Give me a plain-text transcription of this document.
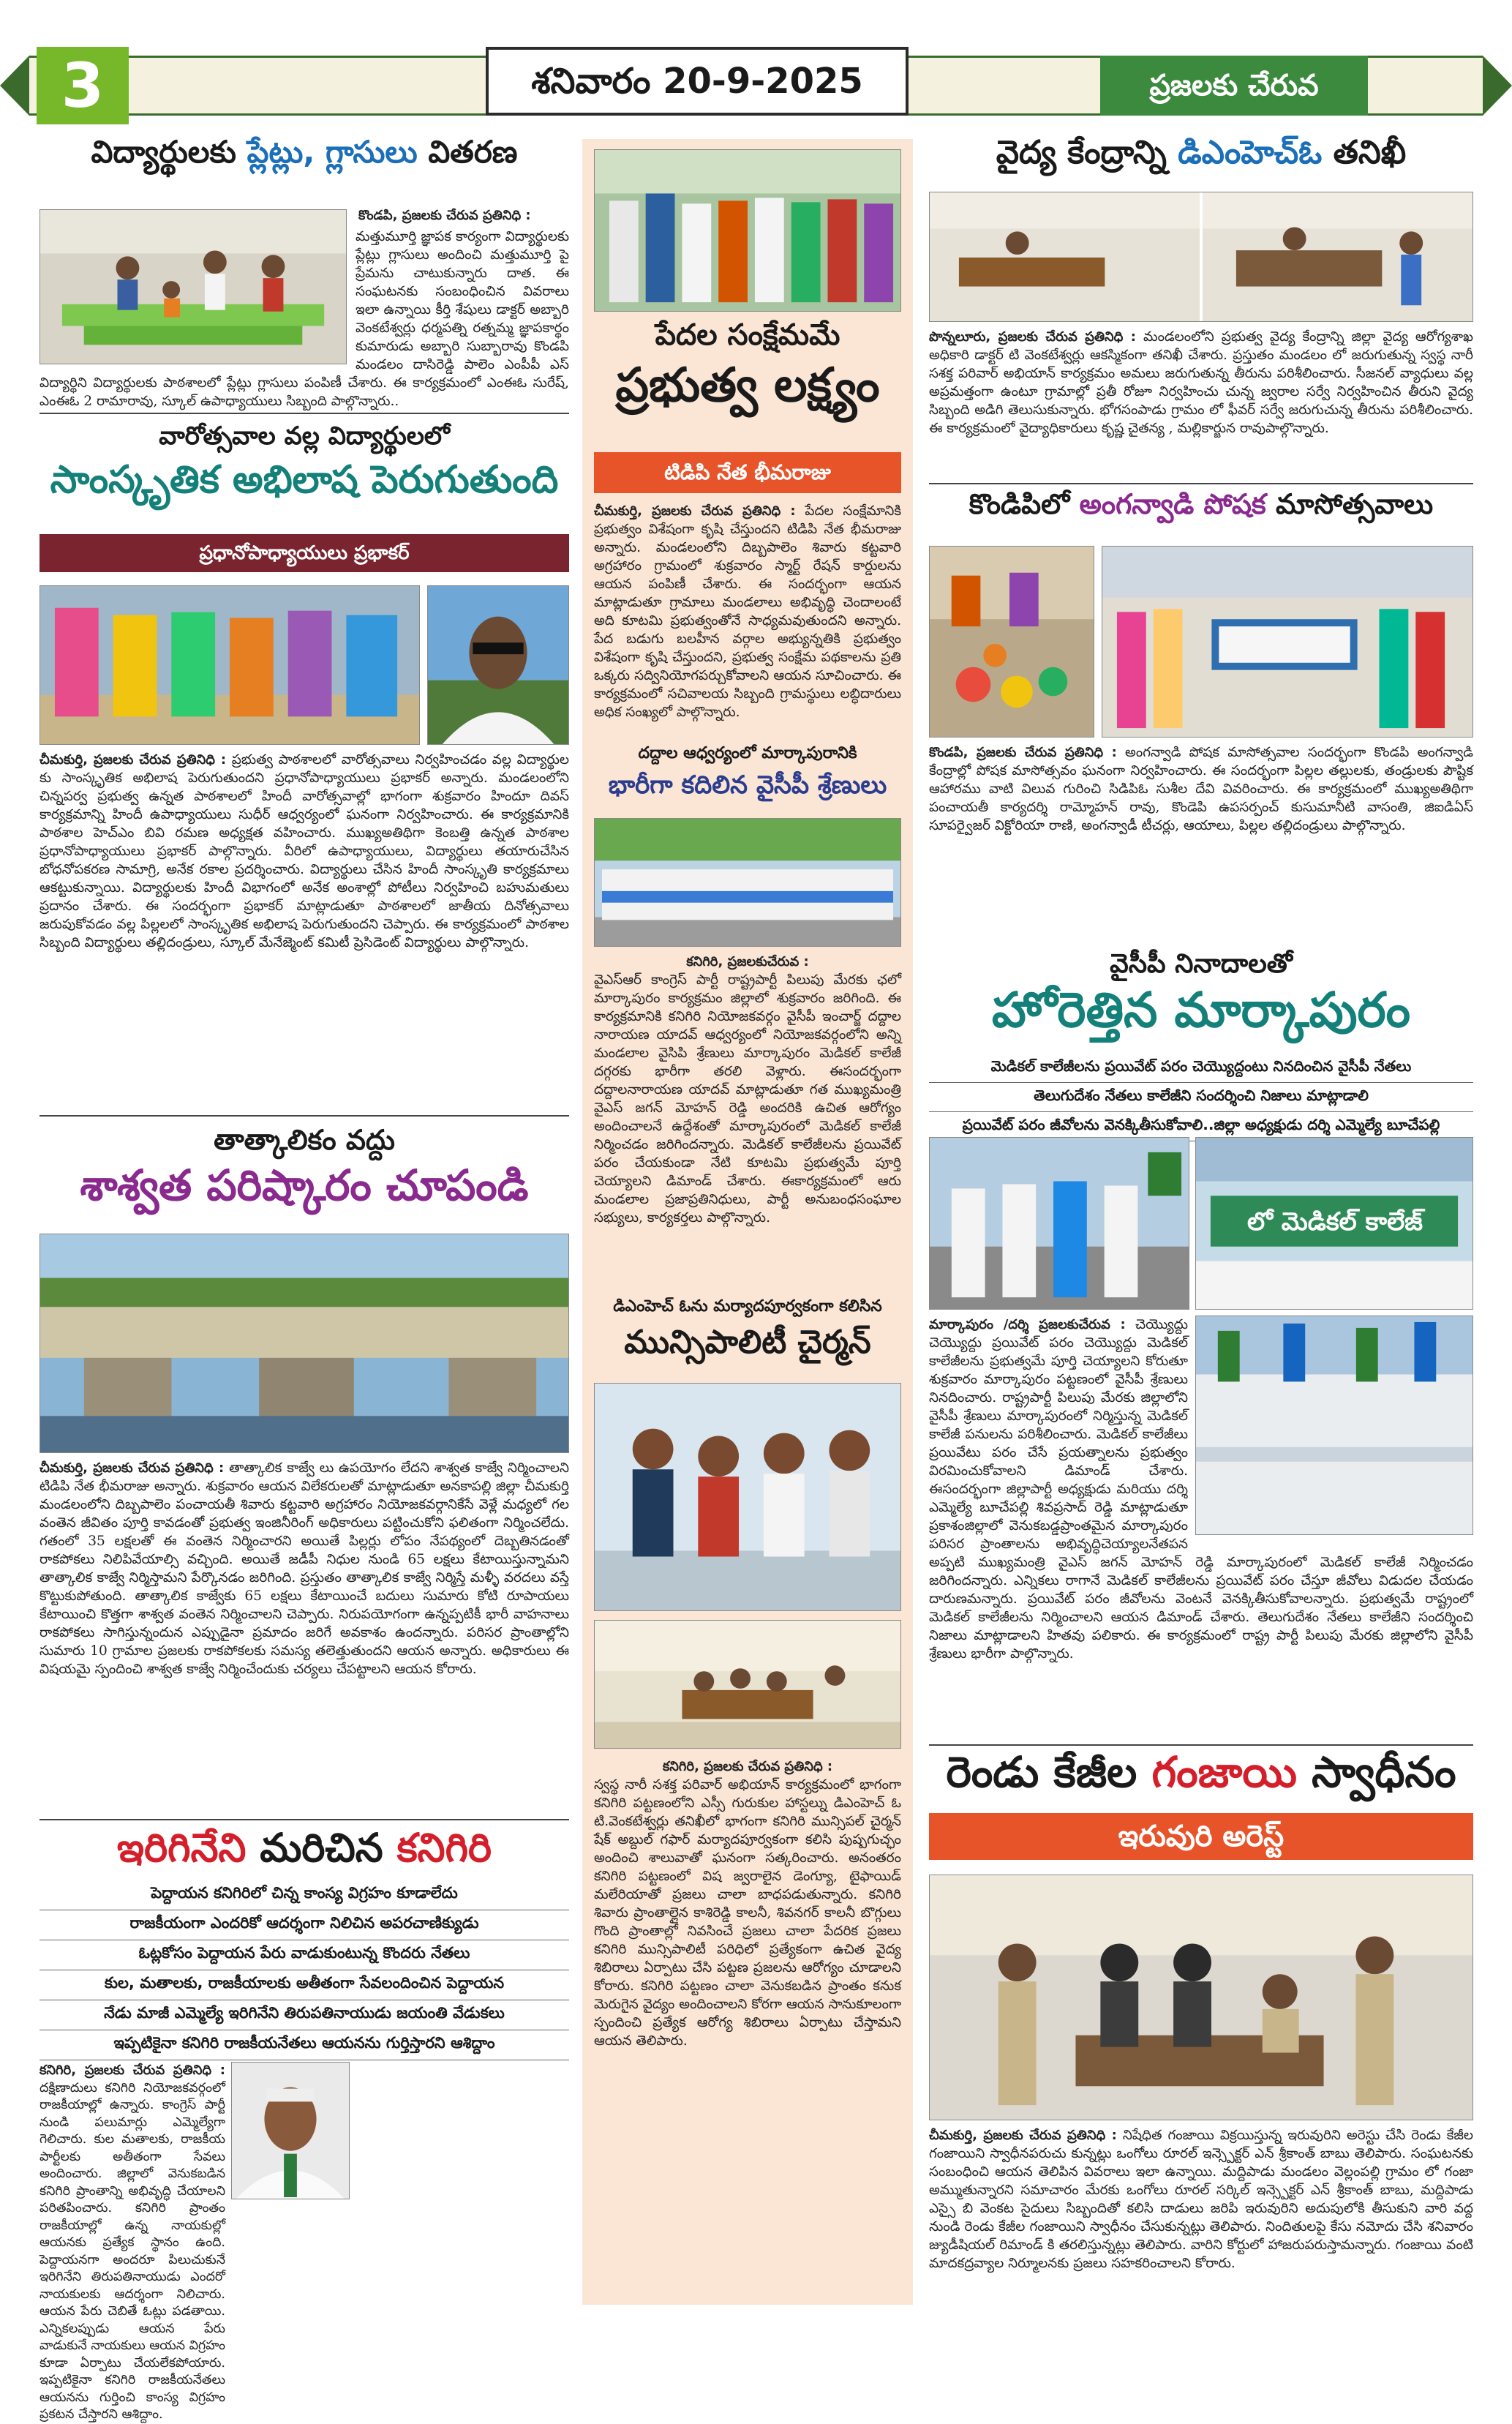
3	శనివారం 20-9-2025	ప్రజలకు చేరువ
విద్యార్థులకు ప్లేట్లు, గ్లాసులు వితరణ
కొండపి, ప్రజలకు చేరువ ప్రతినిధి :
మత్తుమూర్తి జ్ఞాపక కార్యంగా విద్యార్థులకు ప్లేట్లు గ్లాసులు అందించి మత్తుమూర్తి పై ప్రేమను చాటుకున్నారు దాత. ఈ సంఘటనకు సంబంధించిన వివరాలు ఇలా ఉన్నాయి కీర్తి శేషులు డాక్టర్ అబ్బారి వెంకటేశ్వర్లు ధర్మపత్ని రత్నమ్మ జ్ఞాపకార్థం కుమారుడు అబ్బారి సుబ్బారావు కొండపి మండలం దాసిరెడ్డి పాలెం ఎంపీపీ ఎస్ విద్యార్థిని విద్యార్థులకు పాఠశాలలో ప్లేట్లు గ్లాసులు పంపిణీ చేశారు. ఈ కార్యక్రమంలో ఎంఈఓ సురేష్, ఎంఈఓ 2 రామారావు, స్కూల్ ఉపాధ్యాయులు సిబ్బంది పాల్గొన్నారు..
వారోత్సవాల వల్ల విద్యార్థులలో
సాంస్కృతిక అభిలాష పెరుగుతుంది
ప్రధానోపాధ్యాయులు ప్రభాకర్
చీమకుర్తి, ప్రజలకు చేరువ ప్రతినిధి : ప్రభుత్వ పాఠశాలలో వారోత్సవాలు నిర్వహించడం వల్ల విద్యార్థుల కు సాంస్కృతిక అభిలాష పెరుగుతుందని ప్రధానోపాధ్యాయులు ప్రభాకర్ అన్నారు. మండలంలోని చిన్నపర్వ ప్రభుత్వ ఉన్నత పాఠశాలలో హిందీ వారోత్సవాల్లో భాగంగా శుక్రవారం హిందూ దివస్ కార్యక్రమాన్ని హిందీ ఉపాధ్యాయులు సుధీర్ ఆధ్వర్యంలో ఘనంగా నిర్వహించారు. ఈ కార్యక్రమానికి పాఠశాల హెచ్ఎం బివి రమణ అధ్యక్షత వహించారు. ముఖ్యఅతిథిగా కెంబత్తి ఉన్నత పాఠశాల ప్రధానోపాధ్యాయులు ప్రభాకర్ పాల్గొన్నారు. వీరిలో ఉపాధ్యాయులు, విద్యార్థులు తయారుచేసిన బోధనోపకరణ సామాగ్రి, అనేక రకాల ప్రదర్శించారు. విద్యార్థులు చేసిన హిందీ సాంస్కృతి కార్యక్రమాలు ఆకట్టుకున్నాయి. విద్యార్థులకు హిందీ విభాగంలో అనేక అంశాల్లో పోటీలు నిర్వహించి బహుమతులు ప్రదానం చేశారు. ఈ సందర్భంగా ప్రభాకర్ మాట్లాడుతూ పాఠశాలలో జాతీయ దినోత్సవాలు జరుపుకోవడం వల్ల పిల్లలలో సాంస్కృతిక అభిలాష పెరుగుతుందని చెప్పారు. ఈ కార్యక్రమంలో పాఠశాల సిబ్బంది విద్యార్థులు తల్లిదండ్రులు, స్కూల్ మేనేజ్మెంట్ కమిటీ ప్రెసిడెంట్ విద్యార్థులు పాల్గొన్నారు.
తాత్కాలికం వద్దు
శాశ్వత పరిష్కారం చూపండి
చీమకుర్తి, ప్రజలకు చేరువ ప్రతినిధి : తాత్కాలిక కాజ్వే లు ఉపయోగం లేదని శాశ్వత కాజ్వే నిర్మించాలని టిడిపి నేత భీమరాజు అన్నారు. శుక్రవారం ఆయన విలేకరులతో మాట్లాడుతూ అనకాపల్లి జిల్లా చీమకుర్తి మండలంలోని దిబ్బపాలెం పంచాయతీ శివారు కట్టవారి అగ్రహారం నియోజకవర్గానికేసే వెళ్లే మధ్యలో గల వంతెన జీవితం పూర్తి కావడంతో ప్రభుత్వ ఇంజినీరింగ్ అధికారులు పట్టించుకోని ఫలితంగా నిర్మించలేదు. గతంలో 35 లక్షలతో ఈ వంతెన నిర్మించారని అయితే పిల్లర్లు లోపం నేపథ్యంలో దెబ్బతినడంతో రాకపోకలు నిలిపివేయాల్సి వచ్చింది. అయితే జడీపీ నిధుల నుండి 65 లక్షలు కేటాయిస్తున్నామని తాత్కాలిక కాజ్వే నిర్మిస్తామని పేర్కొనడం జరిగింది. ప్రస్తుతం తాత్కాలిక కాజ్వే నిర్మిస్తే మళ్ళీ వరదలు వస్తే కొట్టుకుపోతుంది. తాత్కాలిక కాజ్వేకు 65 లక్షలు కేటాయించే బదులు సుమారు కోటి రూపాయలు కేటాయించి కొత్తగా శాశ్వత వంతెన నిర్మించాలని చెప్పారు. నిరుపయోగంగా ఉన్నప్పటికీ భారీ వాహనాలు రాకపోకలు సాగిస్తున్నందున ఎప్పుడైనా ప్రమాదం జరిగే అవకాశం ఉందన్నారు. పరిసర ప్రాంతాల్లోని సుమారు 10 గ్రామాల ప్రజలకు రాకపోకలకు సమస్య తలెత్తుతుందని ఆయన అన్నారు. అధికారులు ఈ విషయమై స్పందించి శాశ్వత కాజ్వే నిర్మించేందుకు చర్యలు చేపట్టాలని ఆయన కోరారు.
ఇరిగినేని మరిచిన కనిగిరి
పెద్దాయన కనిగిరిలో చిన్న కాంస్య విగ్రహం కూడాలేదు
రాజకీయంగా ఎందరికో ఆదర్శంగా నిలిచిన అపరచాణిక్యుడు
ఓట్లకోసం పెద్దాయన పేరు వాడుకుంటున్న కొందరు నేతలు
కుల, మతాలకు, రాజకీయాలకు అతీతంగా సేవలందించిన పెద్దాయన
నేడు మాజీ ఎమ్మెల్యే ఇరిగినేని తిరుపతినాయుడు జయంతి వేడుకలు
ఇప్పటికైనా కనిగిరి రాజకీయనేతలు ఆయనను గుర్తిస్తారని ఆశిద్దాం
కనిగిరి, ప్రజలకు చేరువ ప్రతినిధి : దక్షిణాదులు కనిగిరి నియోజకవర్గంలో రాజకీయాల్లో ఉన్నారు. కాంగ్రెస్ పార్టీ నుండి పలుమార్లు ఎమ్మెల్యేగా గెలిచారు. కుల మతాలకు, రాజకీయ పార్టీలకు అతీతంగా సేవలు అందించారు. జిల్లాలో వెనుకబడిన కనిగిరి ప్రాంతాన్ని అభివృద్ధి చేయాలని పరితపించారు. కనిగిరి ప్రాంతం రాజకీయాల్లో ఉన్న నాయకుల్లో ఆయనకు ప్రత్యేక స్థానం ఉంది. పెద్దాయనగా అందరూ పిలుచుకునే ఇరిగినేని తిరుపతినాయుడు ఎందరో నాయకులకు ఆదర్శంగా నిలిచారు. ఆయన పేరు చెబితే ఓట్లు పడతాయి. ఎన్నికలప్పుడు ఆయన పేరు వాడుకునే నాయకులు ఆయన విగ్రహం కూడా ఏర్పాటు చేయలేకపోయారు. ఇప్పటికైనా కనిగిరి రాజకీయనేతలు ఆయనను గుర్తించి కాంస్య విగ్రహం ప్రకటన చేస్తారని ఆశిద్దాం.
పేదల సంక్షేమమే
ప్రభుత్వ లక్ష్యం
టిడిపి నేత భీమరాజు
చీమకుర్తి, ప్రజలకు చేరువ ప్రతినిధి : పేదల సంక్షేమానికి ప్రభుత్వం విశేషంగా కృషి చేస్తుందని టిడిపి నేత భీమరాజు అన్నారు. మండలంలోని దిబ్బపాలెం శివారు కట్టవారి అగ్రహారం గ్రామంలో శుక్రవారం స్మార్ట్ రేషన్ కార్డులను ఆయన పంపిణీ చేశారు. ఈ సందర్భంగా ఆయన మాట్లాడుతూ గ్రామాలు మండలాలు అభివృద్ధి చెందాలంటే అది కూటమి ప్రభుత్వంతోనే సాధ్యమవుతుందని అన్నారు. పేద బడుగు బలహీన వర్గాల అభ్యున్నతికి ప్రభుత్వం విశేషంగా కృషి చేస్తుందని, ప్రభుత్వ సంక్షేమ పథకాలను ప్రతి ఒక్కరు సద్వినియోగపర్చుకోవాలని ఆయన సూచించారు. ఈ కార్యక్రమంలో సచివాలయ సిబ్బంది గ్రామస్థులు లబ్ధిదారులు అధిక సంఖ్యలో పాల్గొన్నారు.
దద్దాల ఆధ్వర్యంలో మార్కాపురానికి
భారీగా కదిలిన వైసీపీ శ్రేణులు
కనిగిరి, ప్రజలకుచేరువ :
వైఎస్ఆర్ కాంగ్రెస్ పార్టీ రాష్ట్రపార్టీ పిలుపు మేరకు ఛలో మార్కాపురం కార్యక్రమం జిల్లాలో శుక్రవారం జరిగింది. ఈ కార్యక్రమానికి కనిగిరి నియోజకవర్గం వైసీపీ ఇంచార్జ్ దద్దాల నారాయణ యాదవ్ ఆధ్వర్యంలో నియోజకవర్గంలోని అన్ని మండలాల వైసిపి శ్రేణులు మార్కాపురం మెడికల్ కాలేజీ దగ్గరకు భారీగా తరలి వెళ్లారు. ఈసందర్భంగా దద్దాలనారాయణ యాదవ్ మాట్లాడుతూ గత ముఖ్యమంత్రి వైఎస్ జగన్ మోహన్ రెడ్డి అందరికి ఉచిత ఆరోగ్యం అందించాలనే ఉద్దేశంతో మార్కాపురంలో మెడికల్ కాలేజీ నిర్మించడం జరిగిందన్నారు. మెడికల్ కాలేజీలను ప్రయివేట్ పరం చేయకుండా నేటి కూటమి ప్రభుత్వమే పూర్తి చెయ్యాలని డిమాండ్ చేశారు. ఈకార్యక్రమంలో ఆరు మండలాల ప్రజాప్రతినిధులు, పార్టీ అనుబంధసంఘాల సభ్యులు, కార్యకర్తలు పాల్గొన్నారు.
డిఎంహెచ్ ఓను మర్యాదపూర్వకంగా కలిసిన
మున్సిపాలిటీ చైర్మన్
కనిగిరి, ప్రజలకు చేరువ ప్రతినిధి :
స్వస్థ నారీ సశక్త పరివార్ అభియాన్ కార్యక్రమంలో భాగంగా కనిగిరి పట్టణంలోని ఎస్సీ గురుకుల హాస్టల్ను డిఎంహెచ్ ఓ టి.వెంకటేశ్వర్లు తనిఖీలో భాగంగా కనిగిరి మున్సిపల్ చైర్మన్ షేక్ అబ్దుల్ గఫార్ మర్యాదపూర్వకంగా కలిసి పుష్పగుచ్ఛం అందించి శాలువాతో ఘనంగా సత్కరించారు. అనంతరం కనిగిరి పట్టణంలో విష జ్వరాలైన డెంగ్యూ, టైఫాయిడ్ మలేరియాతో ప్రజలు చాలా బాధపడుతున్నారు. కనిగిరి శివారు ప్రాంతాల్లైన కాశిరెడ్డి కాలనీ, శివనగర్ కాలనీ బొగ్గులు గొంది ప్రాంతాల్లో నివసించే ప్రజలు చాలా పేదరిక ప్రజలు కనిగిరి మున్సిపాలిటీ పరిధిలో ప్రత్యేకంగా ఉచిత వైద్య శిబిరాలు ఏర్పాటు చేసి పట్టణ ప్రజలను ఆరోగ్యం చూడాలని కోరారు. కనిగిరి పట్టణం చాలా వెనుకబడిన ప్రాంతం కనుక మెరుగైన వైద్యం అందించాలని కోరగా ఆయన సానుకూలంగా స్పందించి ప్రత్యేక ఆరోగ్య శిబిరాలు ఏర్పాటు చేస్తామని ఆయన తెలిపారు.
వైద్య కేంద్రాన్ని డిఎంహెచ్ఓ తనిఖీ
పొన్నలూరు, ప్రజలకు చేరువ ప్రతినిధి : మండలంలోని ప్రభుత్వ వైద్య కేంద్రాన్ని జిల్లా వైద్య ఆరోగ్యశాఖ అధికారి డాక్టర్ టి వెంకటేశ్వర్లు ఆకస్మికంగా తనిఖీ చేశారు. ప్రస్తుతం మండలం లో జరుగుతున్న స్వస్థ నారీ సశక్త పరివార్ అభియాన్ కార్యక్రమం అమలు జరుగుతున్న తీరును పరిశీలించారు. సీజనల్ వ్యాధులు వల్ల అప్రమత్తంగా ఉంటూ గ్రామాల్లో ప్రతీ రోజూ నిర్వహించు చున్న జ్వరాల సర్వే నిర్వహించిన తీరుని వైద్య సిబ్బంది అడిగి తెలుసుకున్నారు. భోగసంపాడు గ్రామం లో ఫీవర్ సర్వే జరుగుచున్న తీరును పరిశీలించారు. ఈ కార్యక్రమంలో వైద్యాధికారులు కృష్ణ చైతన్య , మల్లికార్జున రావుపాల్గొన్నారు.
కొండిపిలో అంగన్వాడి పోషక మాసోత్సవాలు
కొండపి, ప్రజలకు చేరువ ప్రతినిధి : అంగన్వాడి పోషక మాసోత్సవాల సందర్భంగా కొండపి అంగన్వాడి కేంద్రాల్లో పోషక మాసోత్సవం ఘనంగా నిర్వహించారు. ఈ సందర్భంగా పిల్లల తల్లులకు, తండ్రులకు పౌష్టిక ఆహారము వాటి విలువ గురించి సిడిపిఓ సుశీల దేవి వివరించారు. ఈ కార్యక్రమంలో ముఖ్యఅతిథిగా పంచాయతీ కార్యదర్శి రామ్మోహన్ రావు, కొండెపి ఉపసర్పంచ్ కుసుమానీటి వాసంతి, జిఐడిఏస్ సూపర్వైజర్ విక్టోరియా రాణి, అంగన్వాడీ టీచర్లు, ఆయాలు, పిల్లల తల్లిదండ్రులు పాల్గొన్నారు.
వైసీపీ నినాదాలతో
హోరెత్తిన మార్కాపురం
మెడికల్ కాలేజీలను ప్రయివేట్ పరం చెయ్యొద్దంటు నినదించిన వైసీపీ నేతలు
తెలుగుదేశం నేతలు కాలేజీని సందర్శించి నిజాలు మాట్లాడాలి
ప్రయివేట్ పరం జీవోలను వెనక్కితీసుకోవాలి..జిల్లా అధ్యక్షుడు దర్శి ఎమ్మెల్యే బూచేపల్లి
లో మెడికల్ కాలేజ్
మార్కాపురం /దర్శి ప్రజలకుచేరువ : చెయ్యొద్దు చెయ్యొద్దు ప్రయివేట్ పరం చెయ్యొద్దు మెడికల్ కాలేజీలను ప్రభుత్వమే పూర్తి చెయ్యాలని కోరుతూ శుక్రవారం మార్కాపురం పట్టణంలో వైసీపీ శ్రేణులు నినదించారు. రాష్ట్రపార్టీ పిలుపు మేరకు జిల్లాలోని వైసీపీ శ్రేణులు మార్కాపురంలో నిర్మిస్తున్న మెడికల్ కాలేజీ పనులను పరిశీలించారు. మెడికల్ కాలేజీలు ప్రయివేటు పరం చేసే ప్రయత్నాలను ప్రభుత్వం విరమించుకోవాలని డిమాండ్ చేశారు. ఈసందర్భంగా జిల్లాపార్టీ అధ్యక్షుడు మరియు దర్శి ఎమ్మెల్యే బూచేపల్లి శివప్రసాద్ రెడ్డి మాట్లాడుతూ ప్రకాశంజిల్లాలో వెనుకబడ్డప్రాంతమైన మార్కాపురం పరిసర ప్రాంతాలను అభివృద్ధిచెయ్యాలనేతపన అప్పటి ముఖ్యమంత్రి వైఎస్ జగన్ మోహన్ రెడ్డి మార్కాపురంలో మెడికల్ కాలేజీ నిర్మించడం జరిగిందన్నారు. ఎన్నికలు రాగానే మెడికల్ కాలేజీలను ప్రయివేట్ పరం చేస్తూ జీవోలు విడుదల చేయడం దారుణమన్నారు. ప్రయివేట్ పరం జీవోలను వెంటనే వెనక్కితీసుకోవాలన్నారు. ప్రభుత్వమే రాష్ట్రంలో మెడికల్ కాలేజీలను నిర్మించాలని ఆయన డిమాండ్ చేశారు. తెలుగుదేశం నేతలు కాలేజీని సందర్శించి నిజాలు మాట్లాడాలని హితవు పలికారు. ఈ కార్యక్రమంలో రాష్ట్ర పార్టీ పిలుపు మేరకు జిల్లాలోని వైసీపీ శ్రేణులు భారీగా పాల్గొన్నారు.
రెండు కేజీల గంజాయి స్వాధీనం
ఇరువురి అరెస్ట్
చీమకుర్తి, ప్రజలకు చేరువ ప్రతినిధి : నిషేధిత గంజాయి విక్రయిస్తున్న ఇరువురిని అరెస్టు చేసి రెండు కేజీల గంజాయిని స్వాధీనపరుచు కున్నట్లు ఒంగోలు రూరల్ ఇన్స్పెక్టర్ ఎన్ శ్రీకాంత్ బాబు తెలిపారు. సంఘటనకు సంబంధించి ఆయన తెలిపిన వివరాలు ఇలా ఉన్నాయి. మద్దిపాడు మండలం వెల్లంపల్లి గ్రామం లో గంజా అమ్ముతున్నారని సమాచారం మేరకు ఒంగోలు రూరల్ సర్కిల్ ఇన్స్పెక్టర్ ఎన్ శ్రీకాంత్ బాబు, మద్దిపాడు ఎస్సై బి వెంకట సైదులు సిబ్బందితో కలిసి దాడులు జరిపి ఇరువురిని అదుపులోకి తీసుకుని వారి వద్ద నుండి రెండు కేజీల గంజాయిని స్వాధీనం చేసుకున్నట్లు తెలిపారు. నిందితులపై కేసు నమోదు చేసి శనివారం జ్యుడీషియల్ రిమాండ్ కి తరలిస్తున్నట్లు తెలిపారు. వారిని కోర్టులో హాజరుపరుస్తామన్నారు. గంజాయి వంటి మాదకద్రవ్యాల నిర్మూలనకు ప్రజలు సహకరించాలని కోరారు.
